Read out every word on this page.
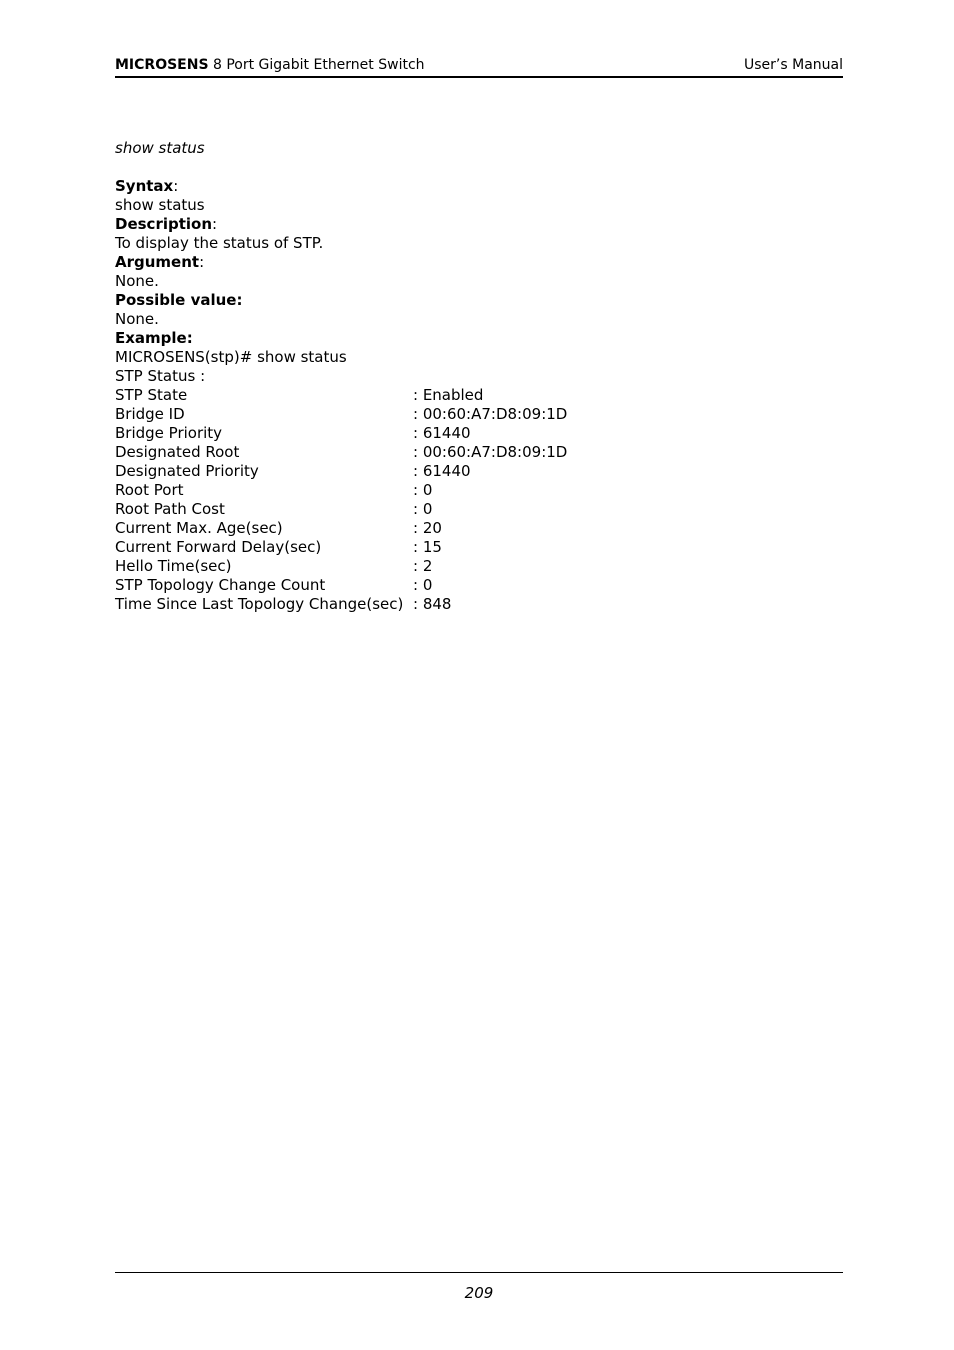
MICROSENS 8 Port Gigabit Ethernet Switch	User’s Manual
show status
Syntax:
show status
Description:
To display the status of STP.
Argument:
None.
Possible value:
None.
Example:
MICROSENS(stp)# show status
STP Status :
STP State	: Enabled
Bridge ID	: 00:60:A7:D8:09:1D
Bridge Priority	: 61440
Designated Root	: 00:60:A7:D8:09:1D
Designated Priority	: 61440
Root Port	: 0
Root Path Cost	: 0
Current Max. Age(sec)	: 20
Current Forward Delay(sec)	: 15
Hello Time(sec)	: 2
STP Topology Change Count	: 0
Time Since Last Topology Change(sec) : 848
209
